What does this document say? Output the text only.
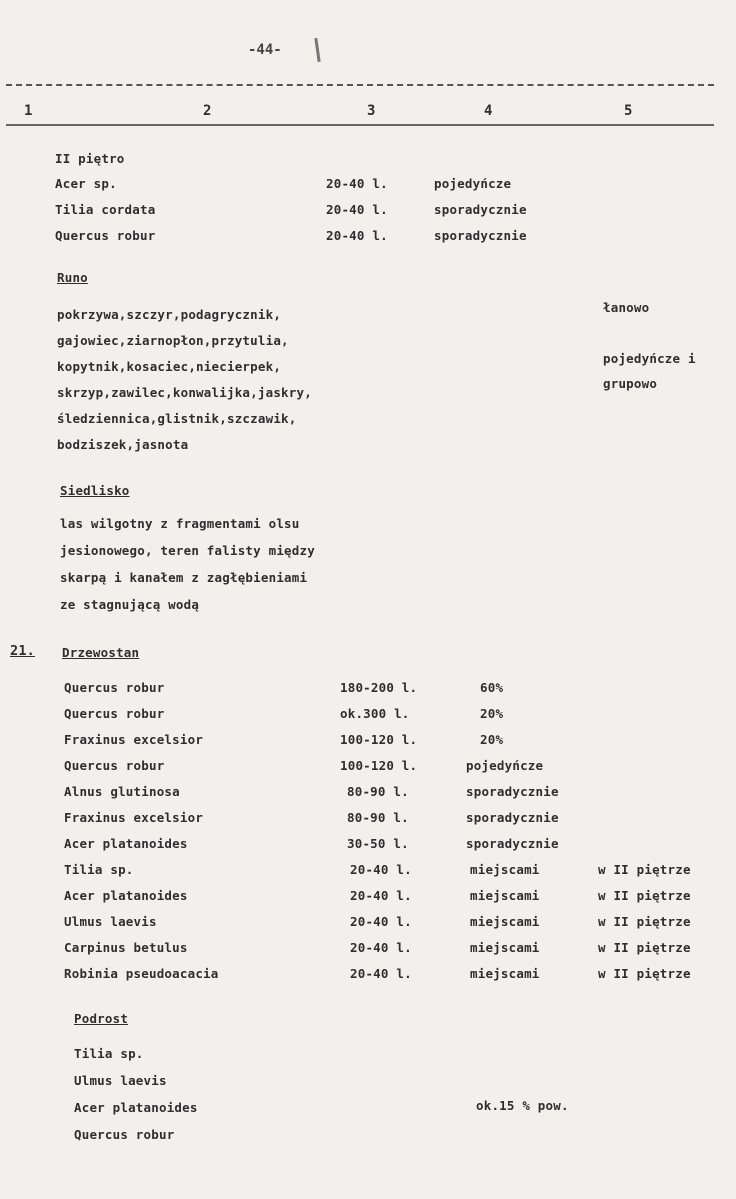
-44-
1	2	3	4	5
II piętro
Acer sp.	20-40 l.	pojedyńcze
Tilia cordata	20-40 l.	sporadycznie
Quercus robur	20-40 l.	sporadycznie
Runo
pokrzywa,szczyr,podagrycznik,
gajowiec,ziarnopłon,przytulia,
kopytnik,kosaciec,niecierpek,
skrzyp,zawilec,konwalijka,jaskry,
śledziennica,glistnik,szczawik,
bodziszek,jasnota
łanowo
pojedyńcze i
grupowo
Siedlisko
las wilgotny z fragmentami olsu
jesionowego, teren falisty między
skarpą i kanałem z zagłębieniami
ze stagnującą wodą
21. Drzewostan
Quercus robur	180-200 l.	60%
Quercus robur	ok.300 l.	20%
Fraxinus excelsior	100-120 l.	20%
Quercus robur	100-120 l.	pojedyńcze
Alnus glutinosa	80-90 l.	sporadycznie
Fraxinus excelsior	80-90 l.	sporadycznie
Acer platanoides	30-50 l.	sporadycznie
Tilia sp.	20-40 l.	miejscami	w II piętrze
Acer platanoides	20-40 l.	miejscami	w II piętrze
Ulmus laevis	20-40 l.	miejscami	w II piętrze
Carpinus betulus	20-40 l.	miejscami	w II piętrze
Robinia pseudoacacia	20-40 l.	miejscami	w II piętrze
Podrost
Tilia sp.
Ulmus laevis
Acer platanoides
Quercus robur
ok.15 % pow.
